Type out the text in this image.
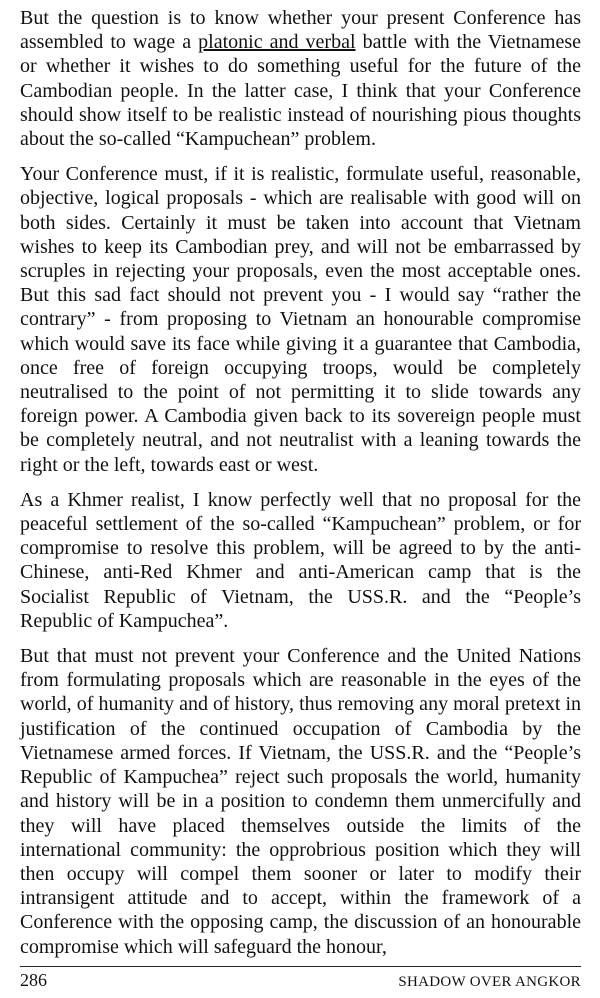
But the question is to know whether your present Conference has assembled to wage a platonic and verbal battle with the Vietnamese or whether it wishes to do something useful for the future of the Cambodian people. In the latter case, I think that your Conference should show itself to be realistic instead of nourishing pious thoughts about the so-called “Kampuchean” problem.

Your Conference must, if it is realistic, formulate useful, reasonable, objective, logical proposals - which are realisable with good will on both sides. Certainly it must be taken into account that Vietnam wishes to keep its Cambodian prey, and will not be embarrassed by scruples in rejecting your proposals, even the most acceptable ones. But this sad fact should not prevent you - I would say “rather the contrary” - from proposing to Vietnam an honourable compromise which would save its face while giving it a guarantee that Cambodia, once free of foreign occupying troops, would be completely neutralised to the point of not permitting it to slide towards any foreign power. A Cambodia given back to its sovereign people must be completely neutral, and not neutralist with a leaning towards the right or the left, towards east or west.

As a Khmer realist, I know perfectly well that no proposal for the peaceful settlement of the so-called “Kampuchean” problem, or for compromise to resolve this problem, will be agreed to by the anti-Chinese, anti-Red Khmer and anti-American camp that is the Socialist Republic of Vietnam, the USS.R. and the “People’s Republic of Kampuchea”.

But that must not prevent your Conference and the United Nations from formulating proposals which are reasonable in the eyes of the world, of humanity and of history, thus removing any moral pretext in justification of the continued occupation of Cambodia by the Vietnamese armed forces. If Vietnam, the USS.R. and the “People’s Republic of Kampuchea” reject such proposals the world, humanity and history will be in a position to condemn them unmercifully and they will have placed themselves outside the limits of the international community: the opprobrious position which they will then occupy will compel them sooner or later to modify their intransigent attitude and to accept, within the framework of a Conference with the opposing camp, the discussion of an honourable compromise which will safeguard the honour,

286	SHADOW OVER ANGKOR
